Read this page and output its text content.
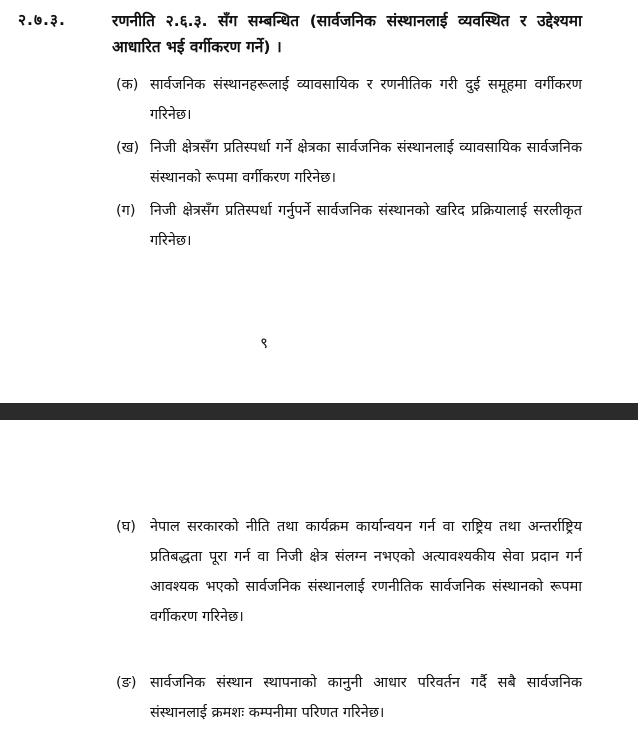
२.७.३.	रणनीति २.६.३. सँग सम्बन्धित (सार्वजनिक संस्थानलाई व्यवस्थित र उद्देश्यमा आधारित भई वर्गीकरण गर्ने) ।
(क) सार्वजनिक संस्थानहरूलाई व्यावसायिक र रणनीतिक गरी दुई समूहमा वर्गीकरण गरिनेछ।
(ख) निजी क्षेत्रसँग प्रतिस्पर्धा गर्ने क्षेत्रका सार्वजनिक संस्थानलाई व्यावसायिक सार्वजनिक संस्थानको रूपमा वर्गीकरण गरिनेछ।
(ग) निजी क्षेत्रसँग प्रतिस्पर्धा गर्नुपर्ने सार्वजनिक संस्थानको खरिद प्रक्रियालाई सरलीकृत गरिनेछ।
९
(घ) नेपाल सरकारको नीति तथा कार्यक्रम कार्यान्वयन गर्न वा राष्ट्रिय तथा अन्तर्राष्ट्रिय प्रतिबद्धता पूरा गर्न वा निजी क्षेत्र संलग्न नभएको अत्यावश्यकीय सेवा प्रदान गर्न आवश्यक भएको सार्वजनिक संस्थानलाई रणनीतिक सार्वजनिक संस्थानको रूपमा वर्गीकरण गरिनेछ।
(ङ) सार्वजनिक संस्थान स्थापनाको कानुनी आधार परिवर्तन गर्दै सबै सार्वजनिक संस्थानलाई क्रमशः कम्पनीमा परिणत गरिनेछ।
